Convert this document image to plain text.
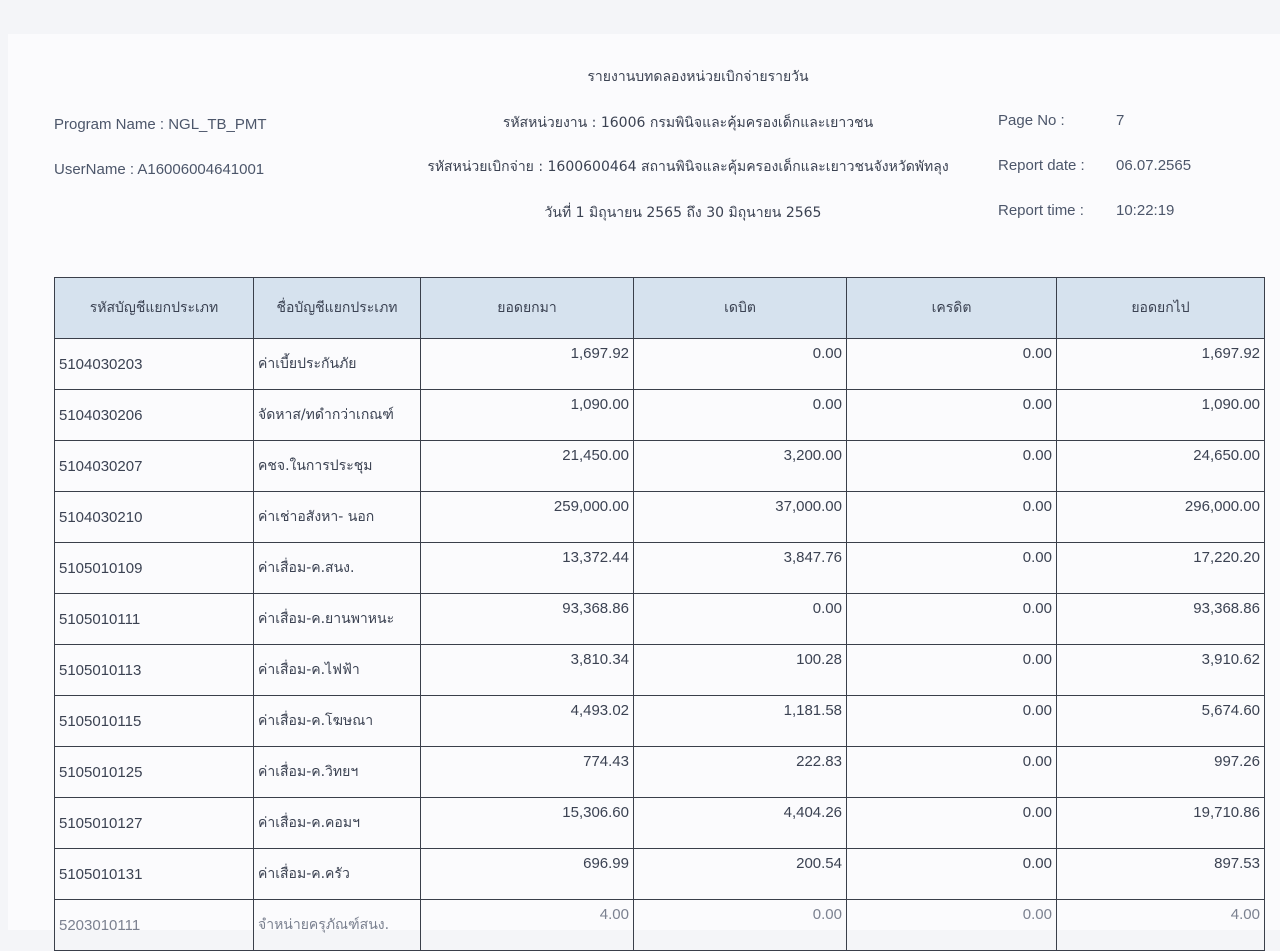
รายงานบทดลองหน่วยเบิกจ่ายรายวัน
Program Name : NGL_TB_PMT	รหัสหน่วยงาน : 16006 กรมพินิจและคุ้มครองเด็กและเยาวชน	Page No :	7
UserName : A16006004641001	รหัสหน่วยเบิกจ่าย : 1600600464 สถานพินิจและคุ้มครองเด็กและเยาวชนจังหวัดพัทลุง	Report date : 06.07.2565
วันที่ 1 มิถุนายน 2565 ถึง 30 มิถุนายน 2565	Report time : 10:22:19
รหัสบัญชีแยกประเภท	ชื่อบัญชีแยกประเภท	ยอดยกมา	เดบิต	เครดิต	ยอดยกไป
5104030203	ค่าเบี้ยประกันภัย	1,697.92	0.00	0.00	1,697.92
5104030206	จัดหาส/ทดำกว่าเกณฑ์	1,090.00	0.00	0.00	1,090.00
5104030207	คชจ.ในการประชุม	21,450.00	3,200.00	0.00	24,650.00
5104030210	ค่าเช่าอสังหา- นอก	259,000.00	37,000.00	0.00	296,000.00
5105010109	ค่าเสื่อม-ค.สนง.	13,372.44	3,847.76	0.00	17,220.20
5105010111	ค่าเสื่อม-ค.ยานพาหนะ	93,368.86	0.00	0.00	93,368.86
5105010113	ค่าเสื่อม-ค.ไฟฟ้า	3,810.34	100.28	0.00	3,910.62
5105010115	ค่าเสื่อม-ค.โฆษณา	4,493.02	1,181.58	0.00	5,674.60
5105010125	ค่าเสื่อม-ค.วิทยฯ	774.43	222.83	0.00	997.26
5105010127	ค่าเสื่อม-ค.คอมฯ	15,306.60	4,404.26	0.00	19,710.86
5105010131	ค่าเสื่อม-ค.ครัว	696.99	200.54	0.00	897.53
5203010111	จำหน่ายครุภัณฑ์สนง.	4.00	0.00	0.00	4.00
